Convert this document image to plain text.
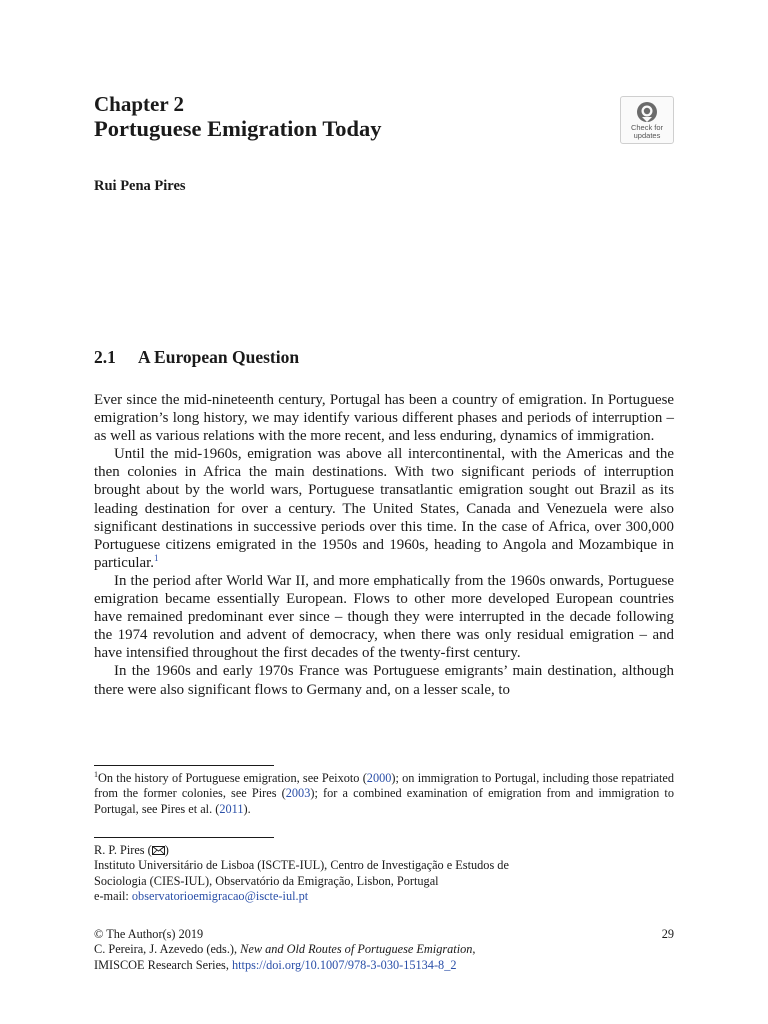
Chapter 2
Portuguese Emigration Today	Check for
updates
Rui Pena Pires
2.1 A European Question

Ever since the mid-nineteenth century, Portugal has been a country of emigration. In Portuguese emigration’s long history, we may identify various different phases and periods of interruption – as well as various relations with the more recent, and less enduring, dynamics of immigration.

Until the mid-1960s, emigration was above all intercontinental, with the Americas and the then colonies in Africa the main destinations. With two significant periods of interruption brought about by the world wars, Portuguese transatlantic emigration sought out Brazil as its leading destination for over a century. The United States, Canada and Venezuela were also significant destinations in successive periods over this time. In the case of Africa, over 300,000 Portuguese citizens emigrated in the 1950s and 1960s, heading to Angola and Mozambique in particular.$^1$

In the period after World War II, and more emphatically from the 1960s onwards, Portuguese emigration became essentially European. Flows to other more developed European countries have remained predominant ever since – though they were interrupted in the decade following the 1974 revolution and advent of democracy, when there was only residual emigration – and have intensified throughout the first decades of the twenty-first century.

In the 1960s and early 1970s France was Portuguese emigrants’ main destination, although there were also significant flows to Germany and, on a lesser scale, to

$^1$On the history of Portuguese emigration, see Peixoto (2000); on immigration to Portugal, including those repatriated from the former colonies, see Pires (2003); for a combined examination of emigration from and immigration to Portugal, see Pires et al. (2011).
R. P. Pires ( )
Instituto Universitário de Lisboa (ISCTE-IUL), Centro de Investigação e Estudos de
Sociologia (CIES-IUL), Observatório da Emigração, Lisbon, Portugal
e-mail: observatorioemigracao@iscte-iul.pt
© The Author(s) 2019
C. Pereira, J. Azevedo (eds.), New and Old Routes of Portuguese Emigration,
IMISCOE Research Series, https://doi.org/10.1007/978-3-030-15134-8_2
29
